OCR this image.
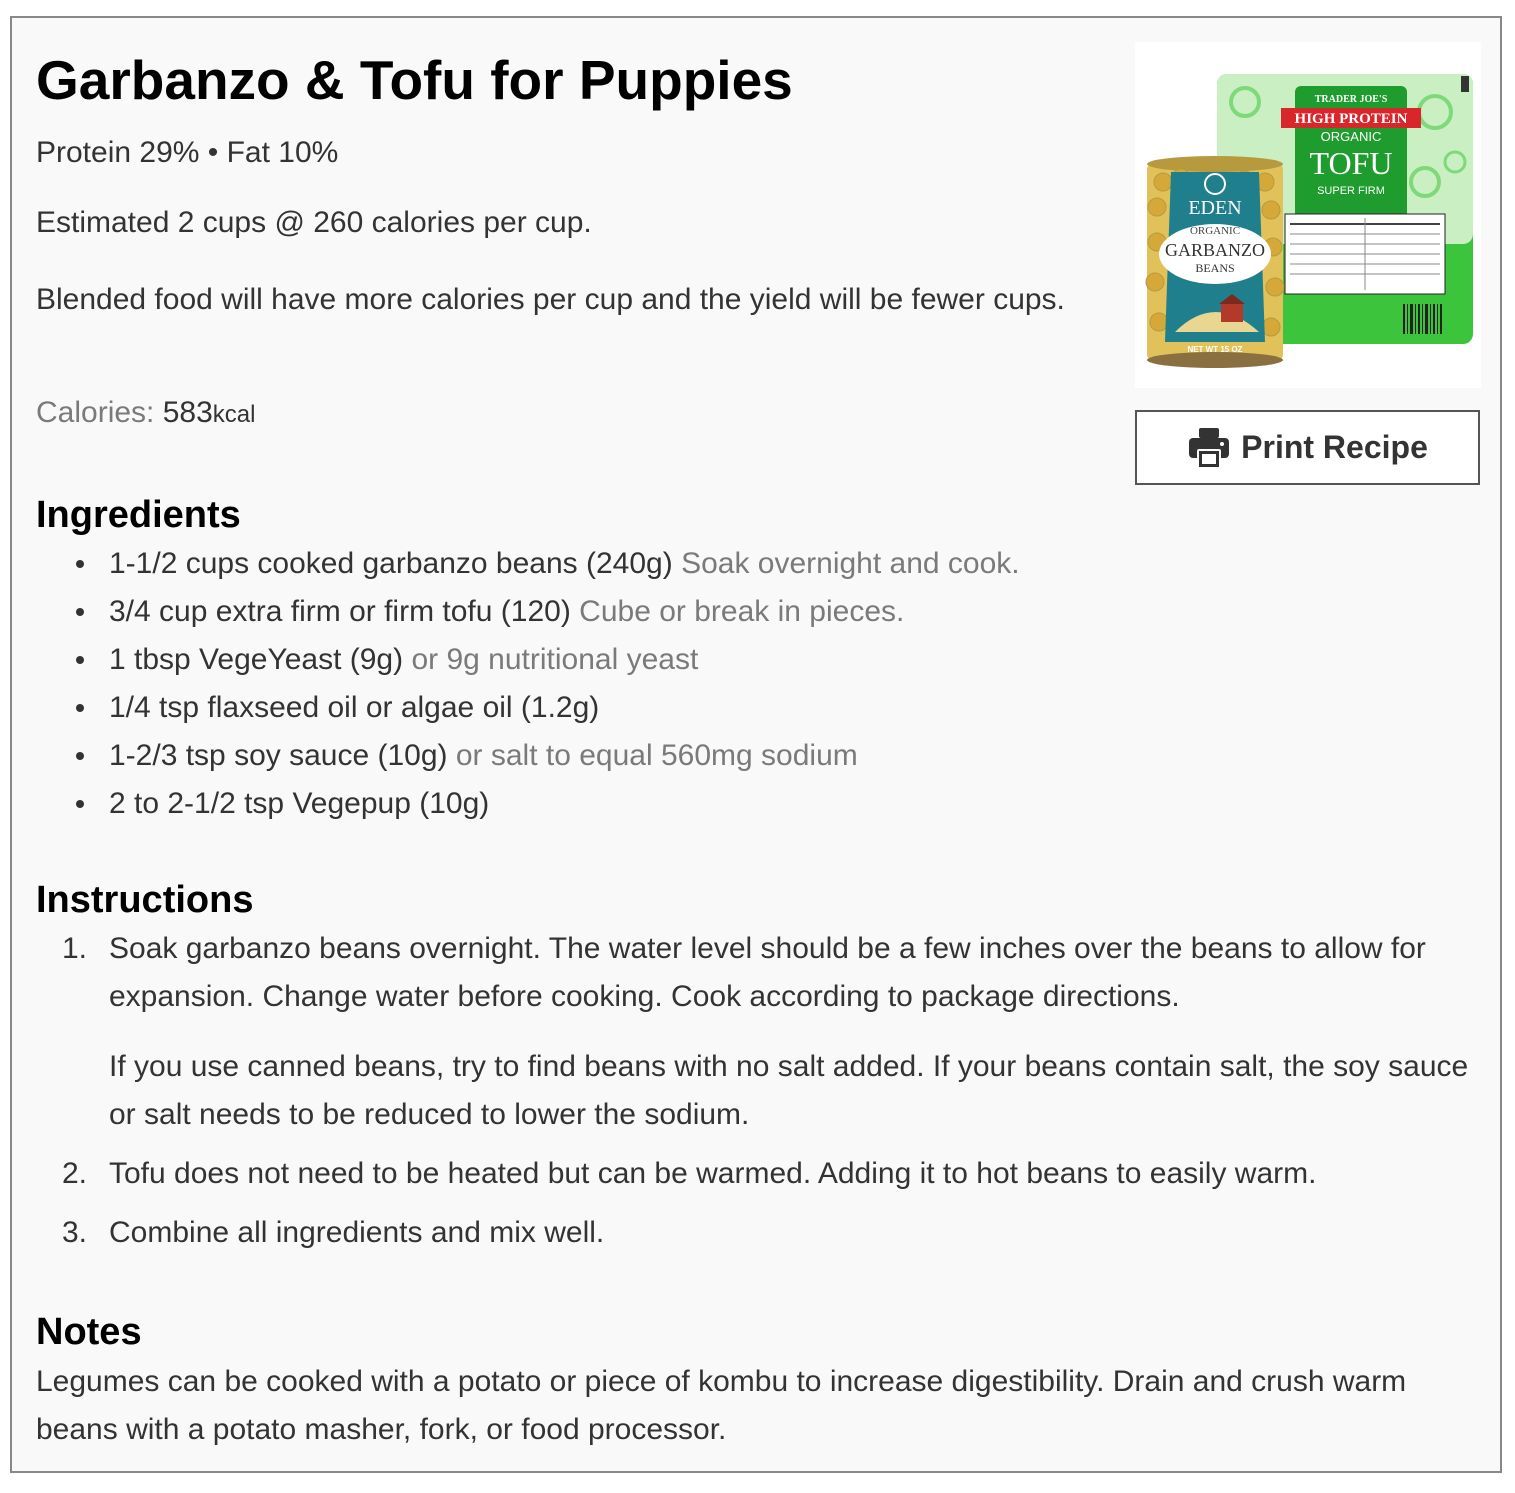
Garbanzo & Tofu for Puppies
Protein 29% • Fat 10%
Estimated 2 cups @ 260 calories per cup.
Blended food will have more calories per cup and the yield will be fewer cups.
Calories: 583kcal
TRADER JOE'S
HIGH PROTEIN
ORGANIC
TOFU
SUPER FIRM
EDEN
ORGANIC
GARBANZO
BEANS
NET WT 15 OZ
Print Recipe
Ingredients
1-1/2 cups cooked garbanzo beans (240g) Soak overnight and cook.
3/4 cup extra firm or firm tofu (120) Cube or break in pieces.
1 tbsp VegeYeast (9g) or 9g nutritional yeast
1/4 tsp flaxseed oil or algae oil (1.2g)
1-2/3 tsp soy sauce (10g) or salt to equal 560mg sodium
2 to 2-1/2 tsp Vegepup (10g)
Instructions
1. Soak garbanzo beans overnight. The water level should be a few inches over the beans to allow for expansion. Change water before cooking. Cook according to package directions.

If you use canned beans, try to find beans with no salt added. If your beans contain salt, the soy sauce or salt needs to be reduced to lower the sodium.

2. Tofu does not need to be heated but can be warmed. Adding it to hot beans to easily warm.

3. Combine all ingredients and mix well.

Notes
Legumes can be cooked with a potato or piece of kombu to increase digestibility. Drain and crush warm beans with a potato masher, fork, or food processor.
